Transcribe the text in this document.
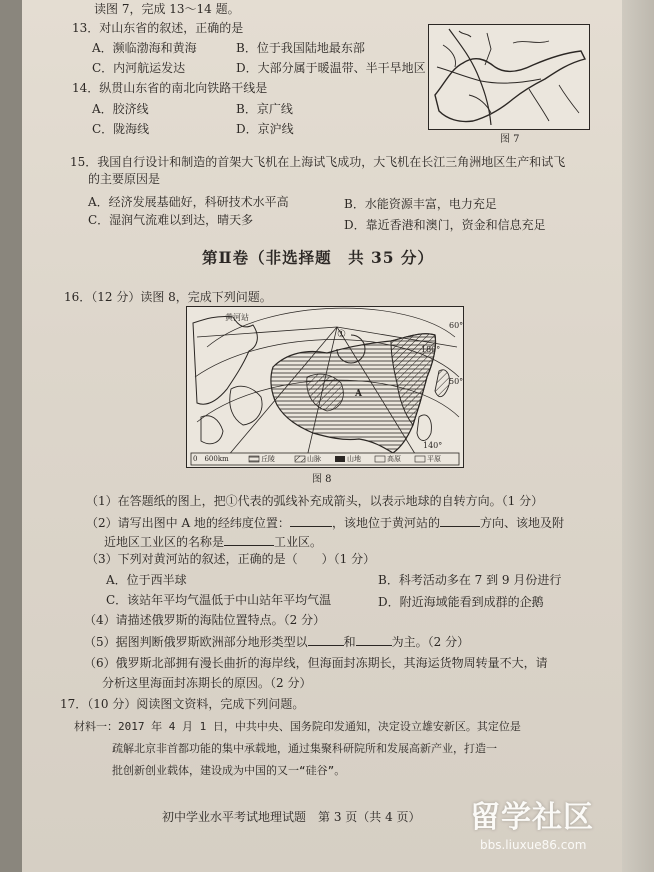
读图 7，完成 13～14 题。
13．对山东省的叙述，正确的是
A．濒临渤海和黄海	B．位于我国陆地最东部
C．内河航运发达	D．大部分属于暖温带、半干旱地区
14．纵贯山东省的南北向铁路干线是
A．胶济线	B．京广线
C．陇海线	D．京沪线
图 7
15．我国自行设计和制造的首架大飞机在上海试飞成功，大飞机在长江三角洲地区生产和试飞
的主要原因是
A．经济发展基础好，科研技术水平高	B．水能资源丰富，电力充足
C．湿润气流难以到达，晴天多	D．靠近香港和澳门，资金和信息充足
第Ⅱ卷（非选择题　共 35 分）
16．（12 分）读图 8，完成下列问题。
黄河站
①
A
60°
50°
180°
140°
0　600km	丘陵	山脉	山地	高原	平原
图 8
（1）在答题纸的图上，把①代表的弧线补充成箭头，以表示地球的自转方向。（1 分）
（2）请写出图中 A 地的经纬度位置：	，该地位于黄河站的	方向、该地及附
近地区工业区的名称是	工业区。
（3）下列对黄河站的叙述，正确的是（　　）（1 分）
A．位于西半球	B．科考活动多在 7 到 9 月份进行
C．该站年平均气温低于中山站年平均气温	D．附近海域能看到成群的企鹅
（4）请描述俄罗斯的海陆位置特点。（2 分）
（5）据图判断俄罗斯欧洲部分地形类型以	和	为主。（2 分）
（6）俄罗斯北部拥有漫长曲折的海岸线，但海面封冻期长，其海运货物周转量不大，请
分析这里海面封冻期长的原因。（2 分）
17．（10 分）阅读图文资料，完成下列问题。
材料一：2017 年 4 月 1 日，中共中央、国务院印发通知，决定设立雄安新区。其定位是
疏解北京非首都功能的集中承载地，通过集聚科研院所和发展高新产业，打造一
批创新创业载体，建设成为中国的又一“硅谷”。
初中学业水平考试地理试题　第 3 页（共 4 页） 留学社区
bbs.liuxue86.com
